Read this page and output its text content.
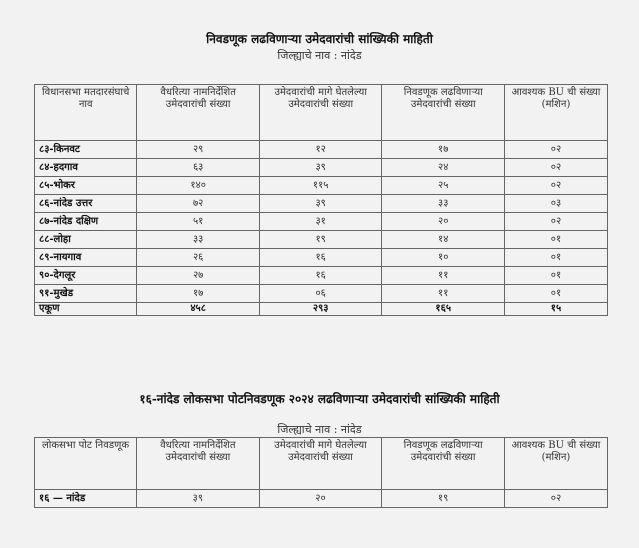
निवडणूक लढविणाऱ्या उमेदवारांची सांख्यिकी माहिती
जिल्ह्याचे नाव : नांदेड
विधानसभा मतदारसंघाचे नाव	वैधरित्या नामनिर्देशित उमेदवारांची संख्या	उमेदवारांची मागे घेतलेल्या उमेदवारांची संख्या	निवडणूक लढविणाऱ्या उमेदवारांची संख्या	आवश्यक BU ची संख्या (मशिन)
८३-किनवट	२९	१२	१७	०२
८४-हदगाव	६३	३९	२४	०२
८५-भोकर	१४०	११५	२५	०२
८६-नांदेड उत्तर	७२	३९	३३	०३
८७-नांदेड दक्षिण	५१	३१	२०	०२
८८-लोहा	३३	१९	१४	०१
८९-नायगाव	२६	१६	१०	०१
९०-देगलूर	२७	१६	११	०१
९१-मुखेड	१७	०६	११	०१
एकूण	४५८	२९३	१६५	१५
१६-नांदेड लोकसभा पोटनिवडणूक २०२४ लढविणाऱ्या उमेदवारांची सांख्यिकी माहिती
जिल्ह्याचे नाव : नांदेड
लोकसभा पोट निवडणूक	वैधरित्या नामनिर्देशित उमेदवारांची संख्या	उमेदवारांची मागे घेतलेल्या उमेदवारांची संख्या	निवडणूक लढविणाऱ्या उमेदवारांची संख्या	आवश्यक BU ची संख्या (मशिन)
१६ — नांदेड	३९	२०	१९	०२
